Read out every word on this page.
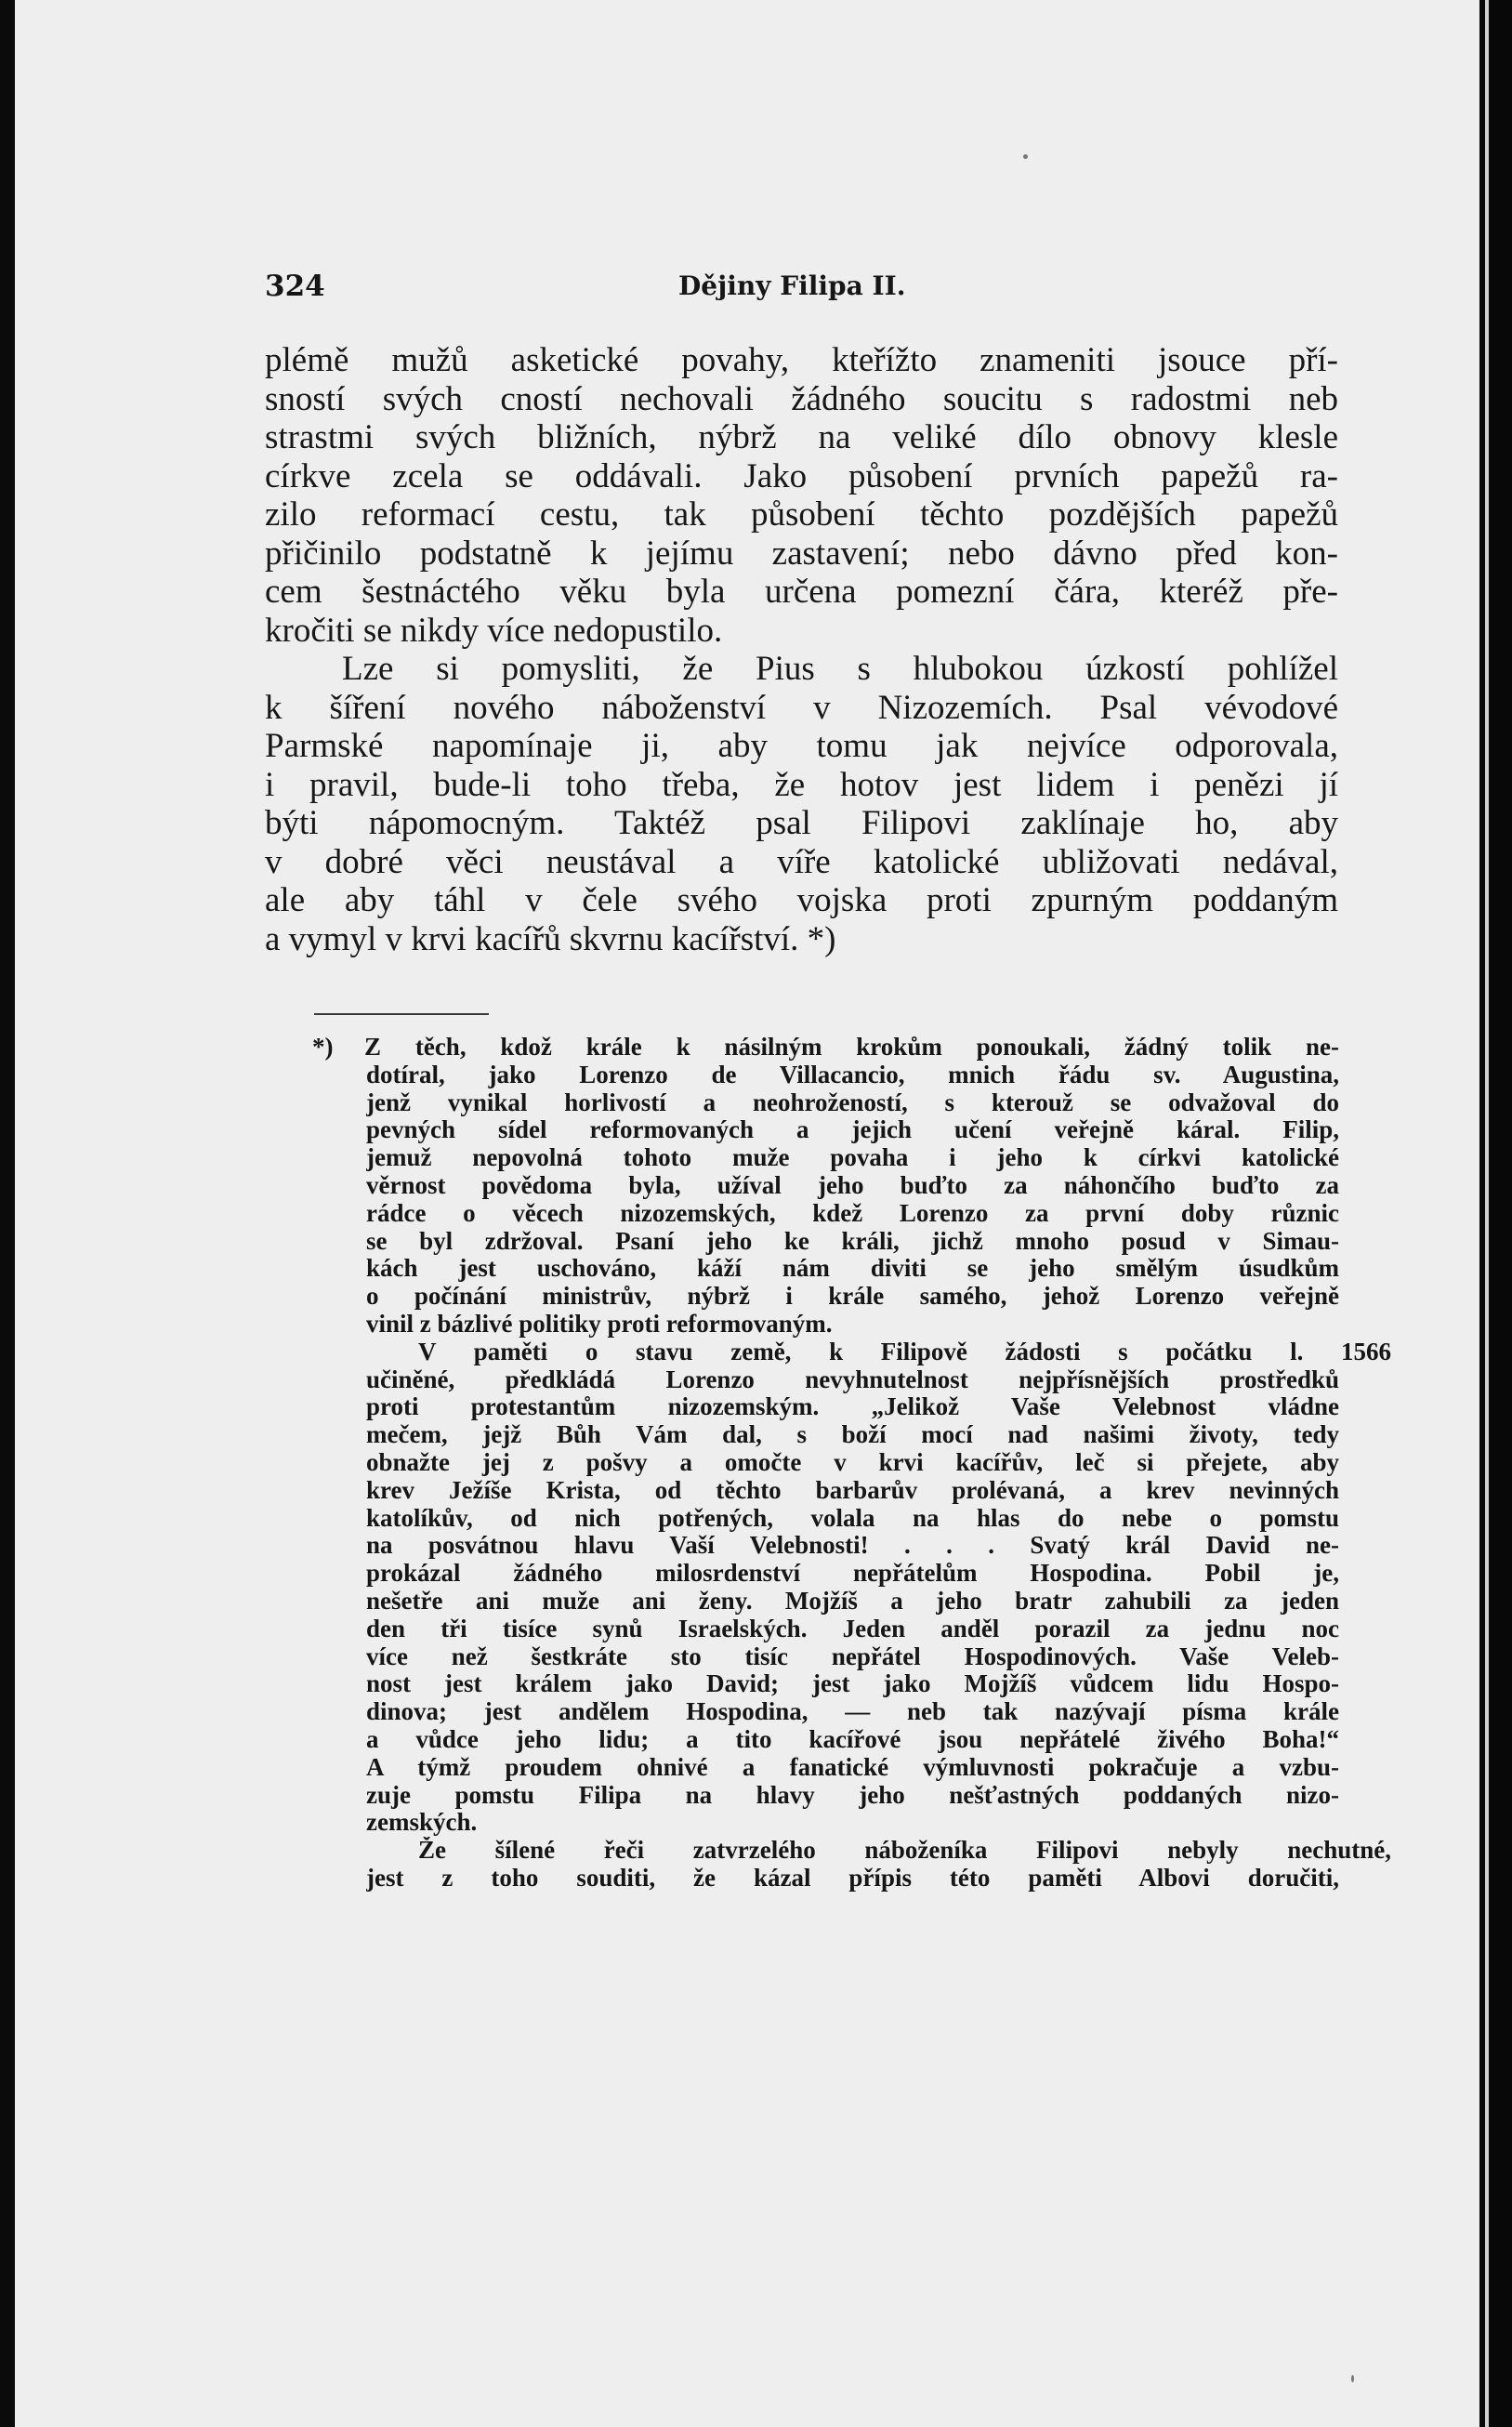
324	Dějiny Filipa II.
plémě mužů asketické povahy, kteřížto znameniti jsouce pří-
sností svých cností nechovali žádného soucitu s radostmi neb
strastmi svých bližních, nýbrž na veliké dílo obnovy klesle
církve zcela se oddávali. Jako působení prvních papežů ra-
zilo reformací cestu, tak působení těchto pozdějších papežů
přičinilo podstatně k jejímu zastavení; nebo dávno před kon-
cem šestnáctého věku byla určena pomezní čára, kteréž pře-
kročiti se nikdy více nedopustilo.
Lze si pomysliti, že Pius s hlubokou úzkostí pohlížel
k šíření nového náboženství v Nizozemích. Psal vévodové
Parmské napomínaje ji, aby tomu jak nejvíce odporovala,
i pravil, bude-li toho třeba, že hotov jest lidem i penězi jí
býti nápomocným. Taktéž psal Filipovi zaklínaje ho, aby
v dobré věci neustával a víře katolické ubližovati nedával,
ale aby táhl v čele svého vojska proti zpurným poddaným
a vymyl v krvi kacířů skvrnu kacířství. *)
*) Z těch, kdož krále k násilným krokům ponoukali, žádný tolik ne-
dotíral, jako Lorenzo de Villacancio, mnich řádu sv. Augustina,
jenž vynikal horlivostí a neohrožeností, s kterouž se odvažoval do
pevných sídel reformovaných a jejich učení veřejně káral. Filip,
jemuž nepovolná tohoto muže povaha i jeho k církvi katolické
věrnost povědoma byla, užíval jeho buďto za náhončího buďto za
rádce o věcech nizozemských, kdež Lorenzo za první doby různic
se byl zdržoval. Psaní jeho ke králi, jichž mnoho posud v Simau-
kách jest uschováno, káží nám diviti se jeho smělým úsudkům
o počínání ministrův, nýbrž i krále samého, jehož Lorenzo veřejně
vinil z bázlivé politiky proti reformovaným.
V paměti o stavu země, k Filipově žádosti s počátku l. 1566
učiněné, předkládá Lorenzo nevyhnutelnost nejpřísnějších prostředků
proti protestantům nizozemským. „Jelikož Vaše Velebnost vládne
mečem, jejž Bůh Vám dal, s boží mocí nad našimi životy, tedy
obnažte jej z pošvy a omočte v krvi kacířův, leč si přejete, aby
krev Ježíše Krista, od těchto barbarův prolévaná, a krev nevinných
katolíkův, od nich potřených, volala na hlas do nebe o pomstu
na posvátnou hlavu Vaší Velebnosti! . . . Svatý král David ne-
prokázal žádného milosrdenství nepřátelům Hospodina. Pobil je,
nešetře ani muže ani ženy. Mojžíš a jeho bratr zahubili za jeden
den tři tisíce synů Israelských. Jeden anděl porazil za jednu noc
více než šestkráte sto tisíc nepřátel Hospodinových. Vaše Veleb-
nost jest králem jako David; jest jako Mojžíš vůdcem lidu Hospo-
dinova; jest andělem Hospodina, — neb tak nazývají písma krále
a vůdce jeho lidu; a tito kacířové jsou nepřátelé živého Boha!“
A týmž proudem ohnivé a fanatické výmluvnosti pokračuje a vzbu-
zuje pomstu Filipa na hlavy jeho nešťastných poddaných nizo-
zemských.
Že šílené řeči zatvrzelého náboženíka Filipovi nebyly nechutné,
jest z toho souditi, že kázal přípis této paměti Albovi doručiti,
